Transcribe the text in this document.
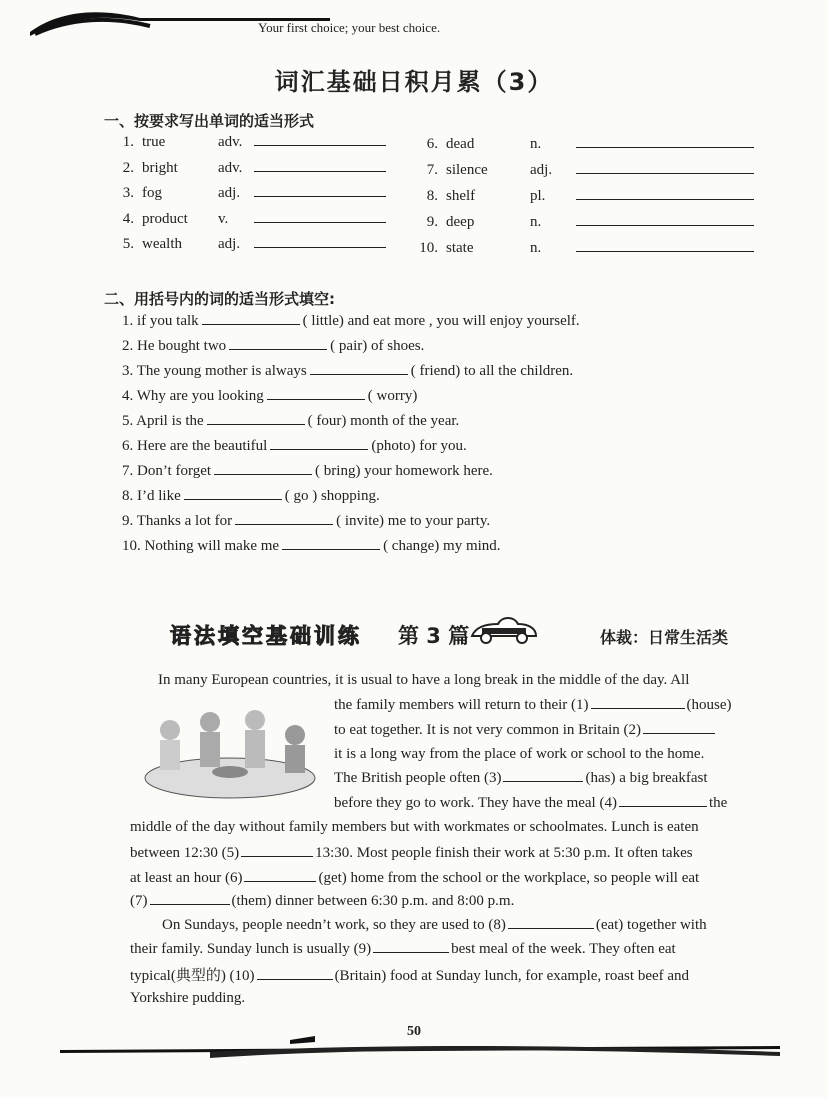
Your first choice; your best choice.
词汇基础日积月累（3）
一、按要求写出单词的适当形式
1. true	adv.
2. bright	adv.
3. fog	adj.
4. product v.
5. wealth adj.
6. dead	n.
7. silence	adj.
8. shelf	pl.
9. deep	n.
10. state	n.
二、用括号内的词的适当形式填空:
1. if you talk	( little) and eat more , you will enjoy yourself.
2. He bought two	( pair) of shoes.
3. The young mother is always	( friend) to all the children.
4. Why are you looking	( worry)
5. April is the	( four) month of the year.
6. Here are the beautiful	(photo) for you.
7. Don’t forget	( bring) your homework here.
8. I’d like	( go ) shopping.
9. Thanks a lot for	( invite) me to your party.
10. Nothing will make me	( change) my mind.
语法填空基础训练 第 3 篇	体裁：日常生活类
In many European countries, it is usual to have a long break in the middle of the day. All
the family members will return to their (1)	(house)
to eat together. It is not very common in Britain (2)
it is a long way from the place of work or school to the home.
The British people often (3)	(has) a big breakfast
before they go to work. They have the meal (4)	the
middle of the day without family members but with workmates or schoolmates. Lunch is eaten
between 12:30 (5)	13:30. Most people finish their work at 5:30 p.m. It often takes
at least an hour (6)	(get) home from the school or the workplace, so people will eat
(7)	(them) dinner between 6:30 p.m. and 8:00 p.m.
On Sundays, people needn’t work, so they are used to (8)	(eat) together with
their family. Sunday lunch is usually (9)	best meal of the week. They often eat
typical(典型的) (10)	(Britain) food at Sunday lunch, for example, roast beef and
Yorkshire pudding.
50
